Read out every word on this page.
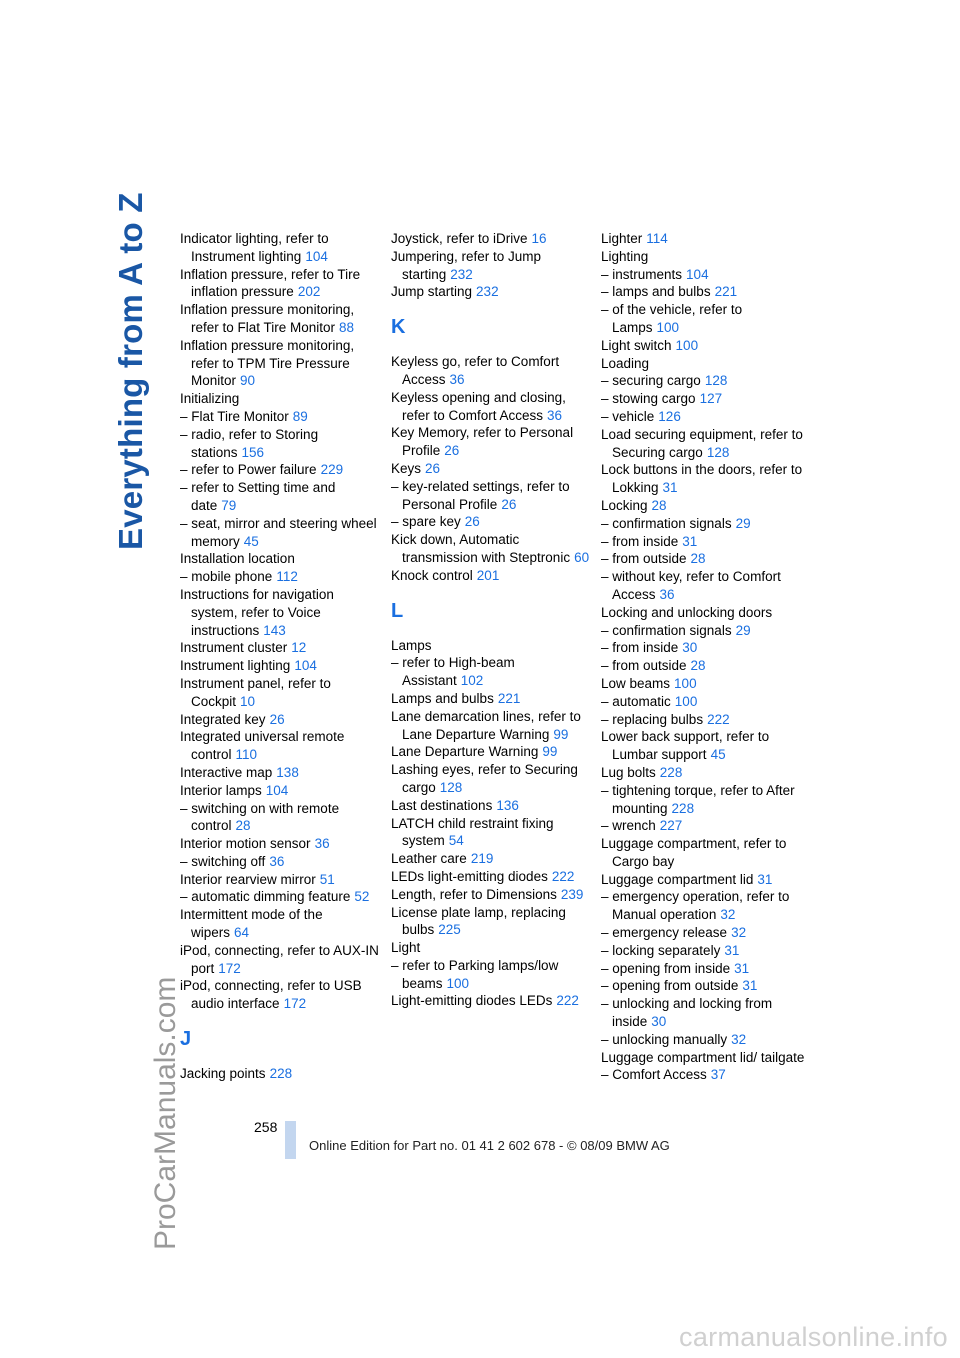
Everything from A to Z
ProCarManuals.com
Indicator lighting, refer to Instrument lighting 104
Inflation pressure, refer to Tire inflation pressure 202
Inflation pressure monitoring, refer to Flat Tire Monitor 88
Inflation pressure monitoring, refer to TPM Tire Pressure Monitor 90
Initializing
– Flat Tire Monitor 89
– radio, refer to Storing stations 156
– refer to Power failure 229
– refer to Setting time and date 79
– seat, mirror and steering wheel memory 45
Installation location
– mobile phone 112
Instructions for navigation system, refer to Voice instructions 143
Instrument cluster 12
Instrument lighting 104
Instrument panel, refer to Cockpit 10
Integrated key 26
Integrated universal remote control 110
Interactive map 138
Interior lamps 104
– switching on with remote control 28
Interior motion sensor 36
– switching off 36
Interior rearview mirror 51
– automatic dimming feature 52
Intermittent mode of the wipers 64
iPod, connecting, refer to AUX-IN port 172
iPod, connecting, refer to USB audio interface 172
J
Jacking points 228
Joystick, refer to iDrive 16
Jumpering, refer to Jump starting 232
Jump starting 232
K
Keyless go, refer to Comfort Access 36
Keyless opening and closing, refer to Comfort Access 36
Key Memory, refer to Personal Profile 26
Keys 26
– key-related settings, refer to Personal Profile 26
– spare key 26
Kick down, Automatic transmission with Steptronic 60
Knock control 201
L
Lamps
– refer to High-beam Assistant 102
Lamps and bulbs 221
Lane demarcation lines, refer to Lane Departure Warning 99
Lane Departure Warning 99
Lashing eyes, refer to Securing cargo 128
Last destinations 136
LATCH child restraint fixing system 54
Leather care 219
LEDs light-emitting diodes 222
Length, refer to Dimensions 239
License plate lamp, replacing bulbs 225
Light
– refer to Parking lamps/low beams 100
Light-emitting diodes LEDs 222
Lighter 114
Lighting
– instruments 104
– lamps and bulbs 221
– of the vehicle, refer to Lamps 100
Light switch 100
Loading
– securing cargo 128
– stowing cargo 127
– vehicle 126
Load securing equipment, refer to Securing cargo 128
Lock buttons in the doors, refer to Lokking 31
Locking 28
– confirmation signals 29
– from inside 31
– from outside 28
– without key, refer to Comfort Access 36
Locking and unlocking doors
– confirmation signals 29
– from inside 30
– from outside 28
Low beams 100
– automatic 100
– replacing bulbs 222
Lower back support, refer to Lumbar support 45
Lug bolts 228
– tightening torque, refer to After mounting 228
– wrench 227
Luggage compartment, refer to Cargo bay
Luggage compartment lid 31
– emergency operation, refer to Manual operation 32
– emergency release 32
– locking separately 31
– opening from inside 31
– opening from outside 31
– unlocking and locking from inside 30
– unlocking manually 32
Luggage compartment lid/ tailgate
– Comfort Access 37
258
Online Edition for Part no. 01 41 2 602 678 - © 08/09 BMW AG
carmanualsonline.info
